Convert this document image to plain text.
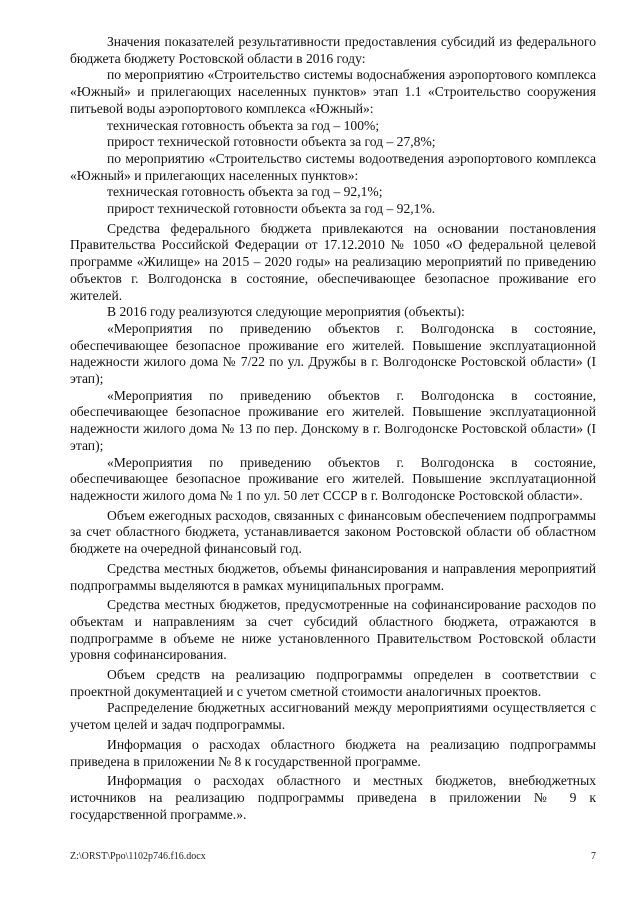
Значения показателей результативности предоставления субсидий из федерального бюджета бюджету Ростовской области в 2016 году:

по мероприятию «Строительство системы водоснабжения аэропортового комплекса «Южный» и прилегающих населенных пунктов» этап 1.1 «Строительство сооружения питьевой воды аэропортового комплекса «Южный»:

техническая готовность объекта за год – 100%;

прирост технической готовности объекта за год – 27,8%;

по мероприятию «Строительство системы водоотведения аэропортового комплекса «Южный» и прилегающих населенных пунктов»:

техническая готовность объекта за год – 92,1%;

прирост технической готовности объекта за год – 92,1%.

Средства федерального бюджета привлекаются на основании постановления Правительства Российской Федерации от 17.12.2010 № 1050 «О федеральной целевой программе «Жилище» на 2015 – 2020 годы» на реализацию мероприятий по приведению объектов г. Волгодонска в состояние, обеспечивающее безопасное проживание его жителей.

В 2016 году реализуются следующие мероприятия (объекты):

«Мероприятия по приведению объектов г. Волгодонска в состояние, обеспечивающее безопасное проживание его жителей. Повышение эксплуатационной надежности жилого дома № 7/22 по ул. Дружбы в г. Волгодонске Ростовской области» (I этап);

«Мероприятия по приведению объектов г. Волгодонска в состояние, обеспечивающее безопасное проживание его жителей. Повышение эксплуатационной надежности жилого дома № 13 по пер. Донскому в г. Волгодонске Ростовской области» (I этап);

«Мероприятия по приведению объектов г. Волгодонска в состояние, обеспечивающее безопасное проживание его жителей. Повышение эксплуатационной надежности жилого дома № 1 по ул. 50 лет СССР в г. Волгодонске Ростовской области».

Объем ежегодных расходов, связанных с финансовым обеспечением подпрограммы за счет областного бюджета, устанавливается законом Ростовской области об областном бюджете на очередной финансовый год.

Средства местных бюджетов, объемы финансирования и направления мероприятий подпрограммы выделяются в рамках муниципальных программ.

Средства местных бюджетов, предусмотренные на софинансирование расходов по объектам и направлениям за счет субсидий областного бюджета, отражаются в подпрограмме в объеме не ниже установленного Правительством Ростовской области уровня софинансирования.

Объем средств на реализацию подпрограммы определен в соответствии с проектной документацией и с учетом сметной стоимости аналогичных проектов.

Распределение бюджетных ассигнований между мероприятиями осуществляется с учетом целей и задач подпрограммы.

Информация о расходах областного бюджета на реализацию подпрограммы приведена в приложении № 8 к государственной программе.

Информация о расходах областного и местных бюджетов, внебюджетных источников на реализацию подпрограммы приведена в приложении № 9 к государственной программе.».

Z:\ORST\Ppo\1102p746.f16.docx	7
